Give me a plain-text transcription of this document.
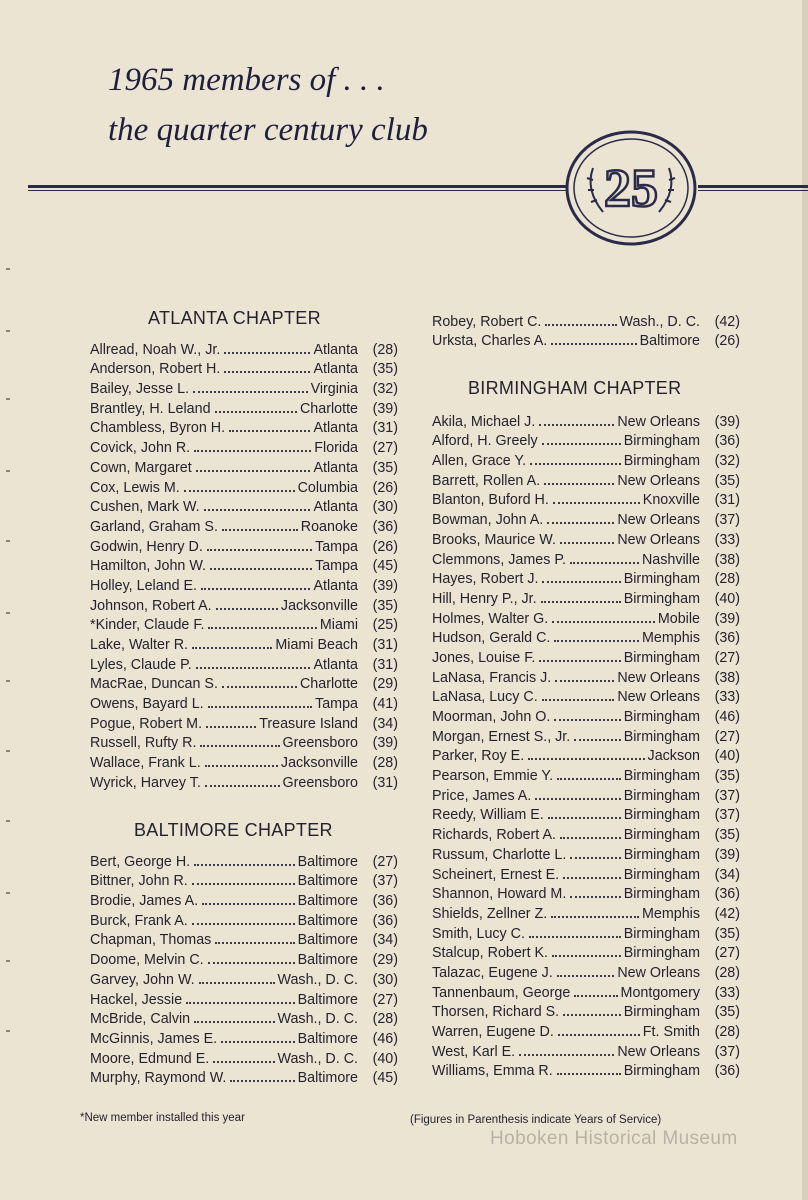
1965 members of . . .
the quarter century club
25
ATLANTA CHAPTER
Allread, Noah W., Jr.	Atlanta	(28)
Anderson, Robert H.	Atlanta	(35)
Bailey, Jesse L.	Virginia	(32)
Brantley, H. Leland	Charlotte	(39)
Chambless, Byron H.	Atlanta	(31)
Covick, John R.	Florida	(27)
Cown, Margaret	Atlanta	(35)
Cox, Lewis M.	Columbia	(26)
Cushen, Mark W.	Atlanta	(30)
Garland, Graham S.	Roanoke	(36)
Godwin, Henry D.	Tampa	(26)
Hamilton, John W.	Tampa	(45)
Holley, Leland E.	Atlanta	(39)
Johnson, Robert A.	Jacksonville	(35)
*Kinder, Claude F.	Miami	(25)
Lake, Walter R.	Miami Beach	(31)
Lyles, Claude P.	Atlanta	(31)
MacRae, Duncan S.	Charlotte	(29)
Owens, Bayard L.	Tampa	(41)
Pogue, Robert M.	Treasure Island	(34)
Russell, Rufty R.	Greensboro	(39)
Wallace, Frank L.	Jacksonville	(28)
Wyrick, Harvey T.	Greensboro	(31)
BALTIMORE CHAPTER
Bert, George H.	Baltimore	(27)
Bittner, John R.	Baltimore	(37)
Brodie, James A.	Baltimore	(36)
Burck, Frank A.	Baltimore	(36)
Chapman, Thomas	Baltimore	(34)
Doome, Melvin C.	Baltimore	(29)
Garvey, John W.	Wash., D. C.	(30)
Hackel, Jessie	Baltimore	(27)
McBride, Calvin	Wash., D. C.	(28)
McGinnis, James E.	Baltimore	(46)
Moore, Edmund E.	Wash., D. C.	(40)
Murphy, Raymond W.	Baltimore	(45)
Robey, Robert C.	Wash., D. C.	(42)
Urksta, Charles A.	Baltimore	(26)
BIRMINGHAM CHAPTER
Akila, Michael J.	New Orleans	(39)
Alford, H. Greely	Birmingham	(36)
Allen, Grace Y.	Birmingham	(32)
Barrett, Rollen A.	New Orleans	(35)
Blanton, Buford H.	Knoxville	(31)
Bowman, John A.	New Orleans	(37)
Brooks, Maurice W.	New Orleans	(33)
Clemmons, James P.	Nashville	(38)
Hayes, Robert J.	Birmingham	(28)
Hill, Henry P., Jr.	Birmingham	(40)
Holmes, Walter G.	Mobile	(39)
Hudson, Gerald C.	Memphis	(36)
Jones, Louise F.	Birmingham	(27)
LaNasa, Francis J.	New Orleans	(38)
LaNasa, Lucy C.	New Orleans	(33)
Moorman, John O.	Birmingham	(46)
Morgan, Ernest S., Jr.	Birmingham	(27)
Parker, Roy E.	Jackson	(40)
Pearson, Emmie Y.	Birmingham	(35)
Price, James A.	Birmingham	(37)
Reedy, William E.	Birmingham	(37)
Richards, Robert A.	Birmingham	(35)
Russum, Charlotte L.	Birmingham	(39)
Scheinert, Ernest E.	Birmingham	(34)
Shannon, Howard M.	Birmingham	(36)
Shields, Zellner Z.	Memphis	(42)
Smith, Lucy C.	Birmingham	(35)
Stalcup, Robert K.	Birmingham	(27)
Talazac, Eugene J.	New Orleans	(28)
Tannenbaum, George	Montgomery	(33)
Thorsen, Richard S.	Birmingham	(35)
Warren, Eugene D.	Ft. Smith	(28)
West, Karl E.	New Orleans	(37)
Williams, Emma R.	Birmingham	(36)
*New member installed this year	(Figures in Parenthesis indicate Years of Service)
Hoboken Historical Museum
